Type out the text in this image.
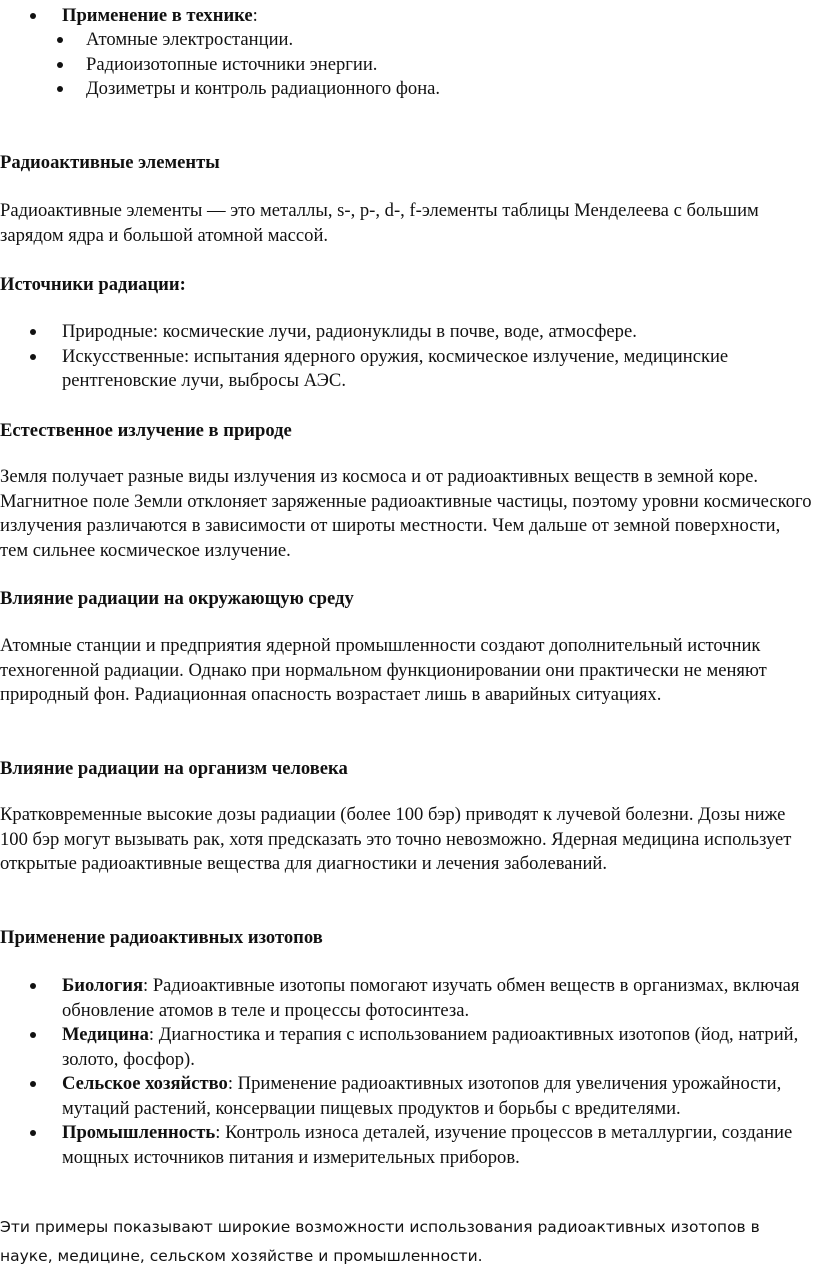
Применение в технике:
Атомные электростанции.
Радиоизотопные источники энергии.
Дозиметры и контроль радиационного фона.
Радиоактивные элементы
Радиоактивные элементы — это металлы, s-, p-, d-, f-элементы таблицы Менделеева с большим зарядом ядра и большой атомной массой.
Источники радиации:
Природные: космические лучи, радионуклиды в почве, воде, атмосфере.
Искусственные: испытания ядерного оружия, космическое излучение, медицинские рентгеновские лучи, выбросы АЭС.
Естественное излучение в природе
Земля получает разные виды излучения из космоса и от радиоактивных веществ в земной коре. Магнитное поле Земли отклоняет заряженные радиоактивные частицы, поэтому уровни космического излучения различаются в зависимости от широты местности. Чем дальше от земной поверхности, тем сильнее космическое излучение.
Влияние радиации на окружающую среду
Атомные станции и предприятия ядерной промышленности создают дополнительный источник техногенной радиации. Однако при нормальном функционировании они практически не меняют природный фон. Радиационная опасность возрастает лишь в аварийных ситуациях.
Влияние радиации на организм человека
Кратковременные высокие дозы радиации (более 100 бэр) приводят к лучевой болезни. Дозы ниже 100 бэр могут вызывать рак, хотя предсказать это точно невозможно. Ядерная медицина использует открытые радиоактивные вещества для диагностики и лечения заболеваний.
Применение радиоактивных изотопов
Биология: Радиоактивные изотопы помогают изучать обмен веществ в организмах, включая обновление атомов в теле и процессы фотосинтеза.
Медицина: Диагностика и терапия с использованием радиоактивных изотопов (йод, натрий, золото, фосфор).
Сельское хозяйство: Применение радиоактивных изотопов для увеличения урожайности, мутаций растений, консервации пищевых продуктов и борьбы с вредителями.
Промышленность: Контроль износа деталей, изучение процессов в металлургии, создание мощных источников питания и измерительных приборов.
Эти примеры показывают широкие возможности использования радиоактивных изотопов в науке, медицине, сельском хозяйстве и промышленности.
